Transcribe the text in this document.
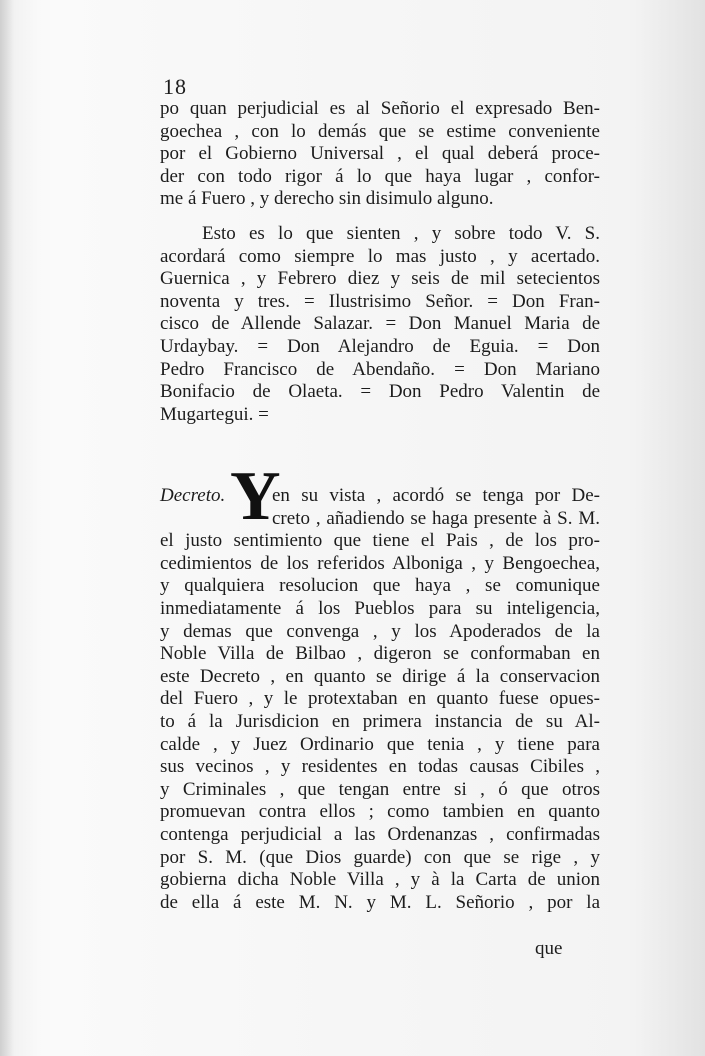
18
po quan perjudicial es al Señorio el expresado Ben-
goechea , con lo demás que se estime conveniente
por el Gobierno Universal , el qual deberá proce-
der con todo rigor á lo que haya lugar , confor-
me á Fuero , y derecho sin disimulo alguno.
Esto es lo que sienten , y sobre todo V. S.
acordará como siempre lo mas justo , y acertado.
Guernica , y Febrero diez y seis de mil setecientos
noventa y tres. = Ilustrisimo Señor. = Don Fran-
cisco de Allende Salazar. = Don Manuel Maria de
Urdaybay. = Don Alejandro de Eguia. = Don
Pedro Francisco de Abendaño. = Don Mariano
Bonifacio de Olaeta. = Don Pedro Valentin de
Mugartegui. =
Decreto. Y
en su vista , acordó se tenga por De-
creto , añadiendo se haga presente à S. M.
el justo sentimiento que tiene el Pais , de los pro-
cedimientos de los referidos Alboniga , y Bengoechea,
y qualquiera resolucion que haya , se comunique
inmediatamente á los Pueblos para su inteligencia,
y demas que convenga , y los Apoderados de la
Noble Villa de Bilbao , digeron se conformaban en
este Decreto , en quanto se dirige á la conservacion
del Fuero , y le protextaban en quanto fuese opues-
to á la Jurisdicion en primera instancia de su Al-
calde , y Juez Ordinario que tenia , y tiene para
sus vecinos , y residentes en todas causas Cibiles ,
y Criminales , que tengan entre si , ó que otros
promuevan contra ellos ; como tambien en quanto
contenga perjudicial a las Ordenanzas , confirmadas
por S. M. (que Dios guarde) con que se rige , y
gobierna dicha Noble Villa , y à la Carta de union
de ella á este M. N. y M. L. Señorio , por la
que
